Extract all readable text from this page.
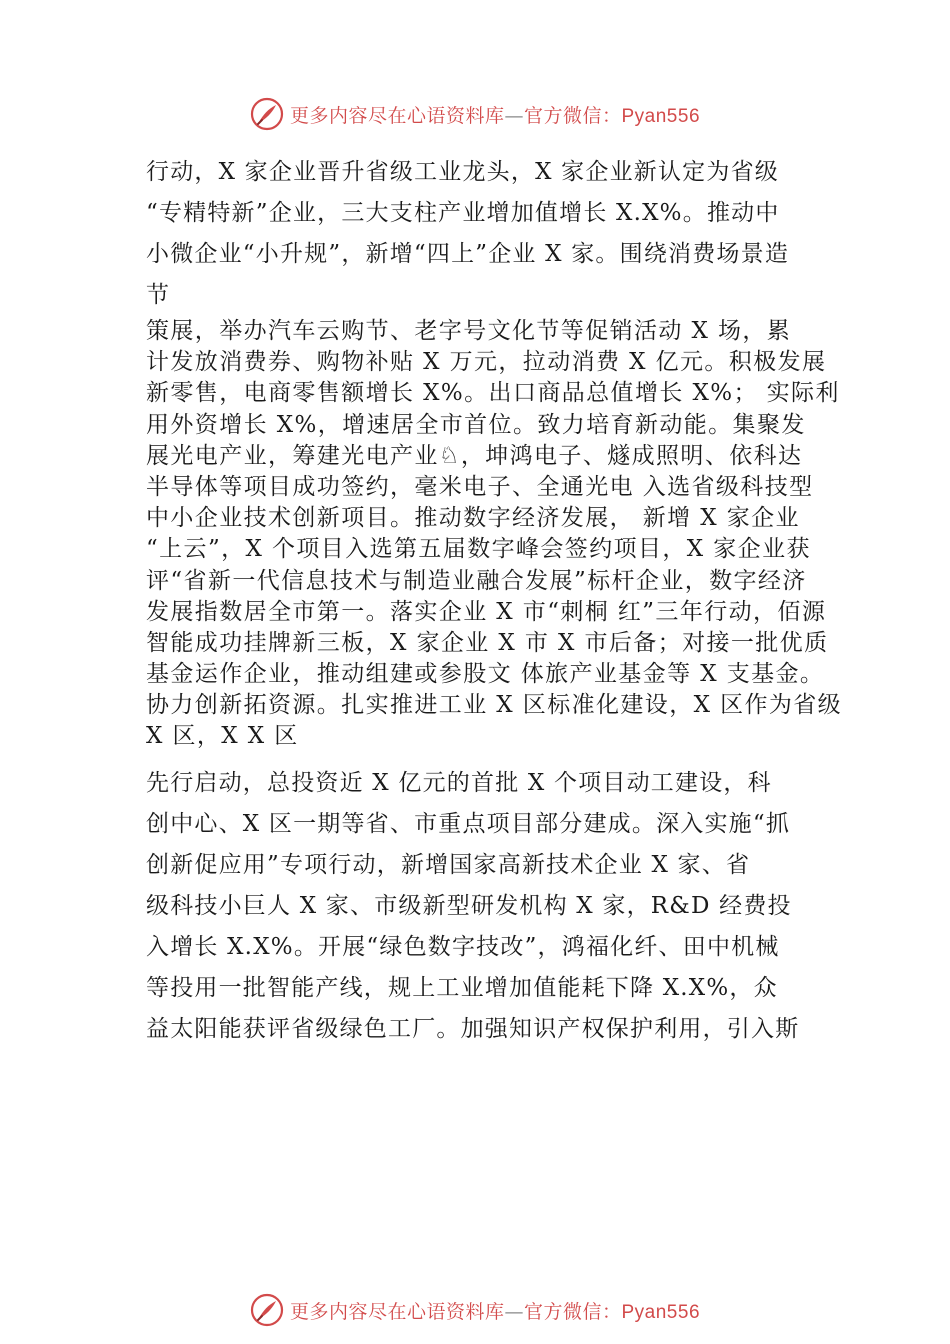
更多内容尽在心语资料库—官方微信：Pyan556
行动，X 家企业晋升省级工业龙头，X 家企业新认定为省级
“专精特新”企业，三大支柱产业增加值增长 X.X%。推动中
小微企业“小升规”，新增“四上”企业 X 家。围绕消费场景造
节
策展，举办汽车云购节、老字号文化节等促销活动 X 场，累
计发放消费券、购物补贴 X 万元，拉动消费 X 亿元。积极发展
新零售，电商零售额增长 X%。出口商品总值增长 X%； 实际利
用外资增长 X%，增速居全市首位。致力培育新动能。集聚发
展光电产业，筹建光电产业♘，坤鸿电子、燧成照明、依科达
半导体等项目成功签约，毫米电子、全通光电 入选省级科技型
中小企业技术创新项目。推动数字经济发展， 新增 X 家企业
“上云”，X 个项目入选第五届数字峰会签约项目，X 家企业获
评“省新一代信息技术与制造业融合发展”标杆企业，数字经济
发展指数居全市第一。落实企业 X 市“刺桐 红”三年行动，佰源
智能成功挂牌新三板，X 家企业 X 市 X 市后备；对接一批优质
基金运作企业，推动组建或参股文 体旅产业基金等 X 支基金。
协力创新拓资源。扎实推进工业 X 区标准化建设，X 区作为省级
X 区，X X 区
先行启动，总投资近 X 亿元的首批 X 个项目动工建设，科
创中心、X 区一期等省、市重点项目部分建成。深入实施“抓
创新促应用”专项行动，新增国家高新技术企业 X 家、省
级科技小巨人 X 家、市级新型研发机构 X 家，R&D 经费投
入增长 X.X%。开展“绿色数字技改”，鸿福化纤、田中机械
等投用一批智能产线，规上工业增加值能耗下降 X.X%，众
益太阳能获评省级绿色工厂。加强知识产权保护利用，引入斯
更多内容尽在心语资料库—官方微信：Pyan556
